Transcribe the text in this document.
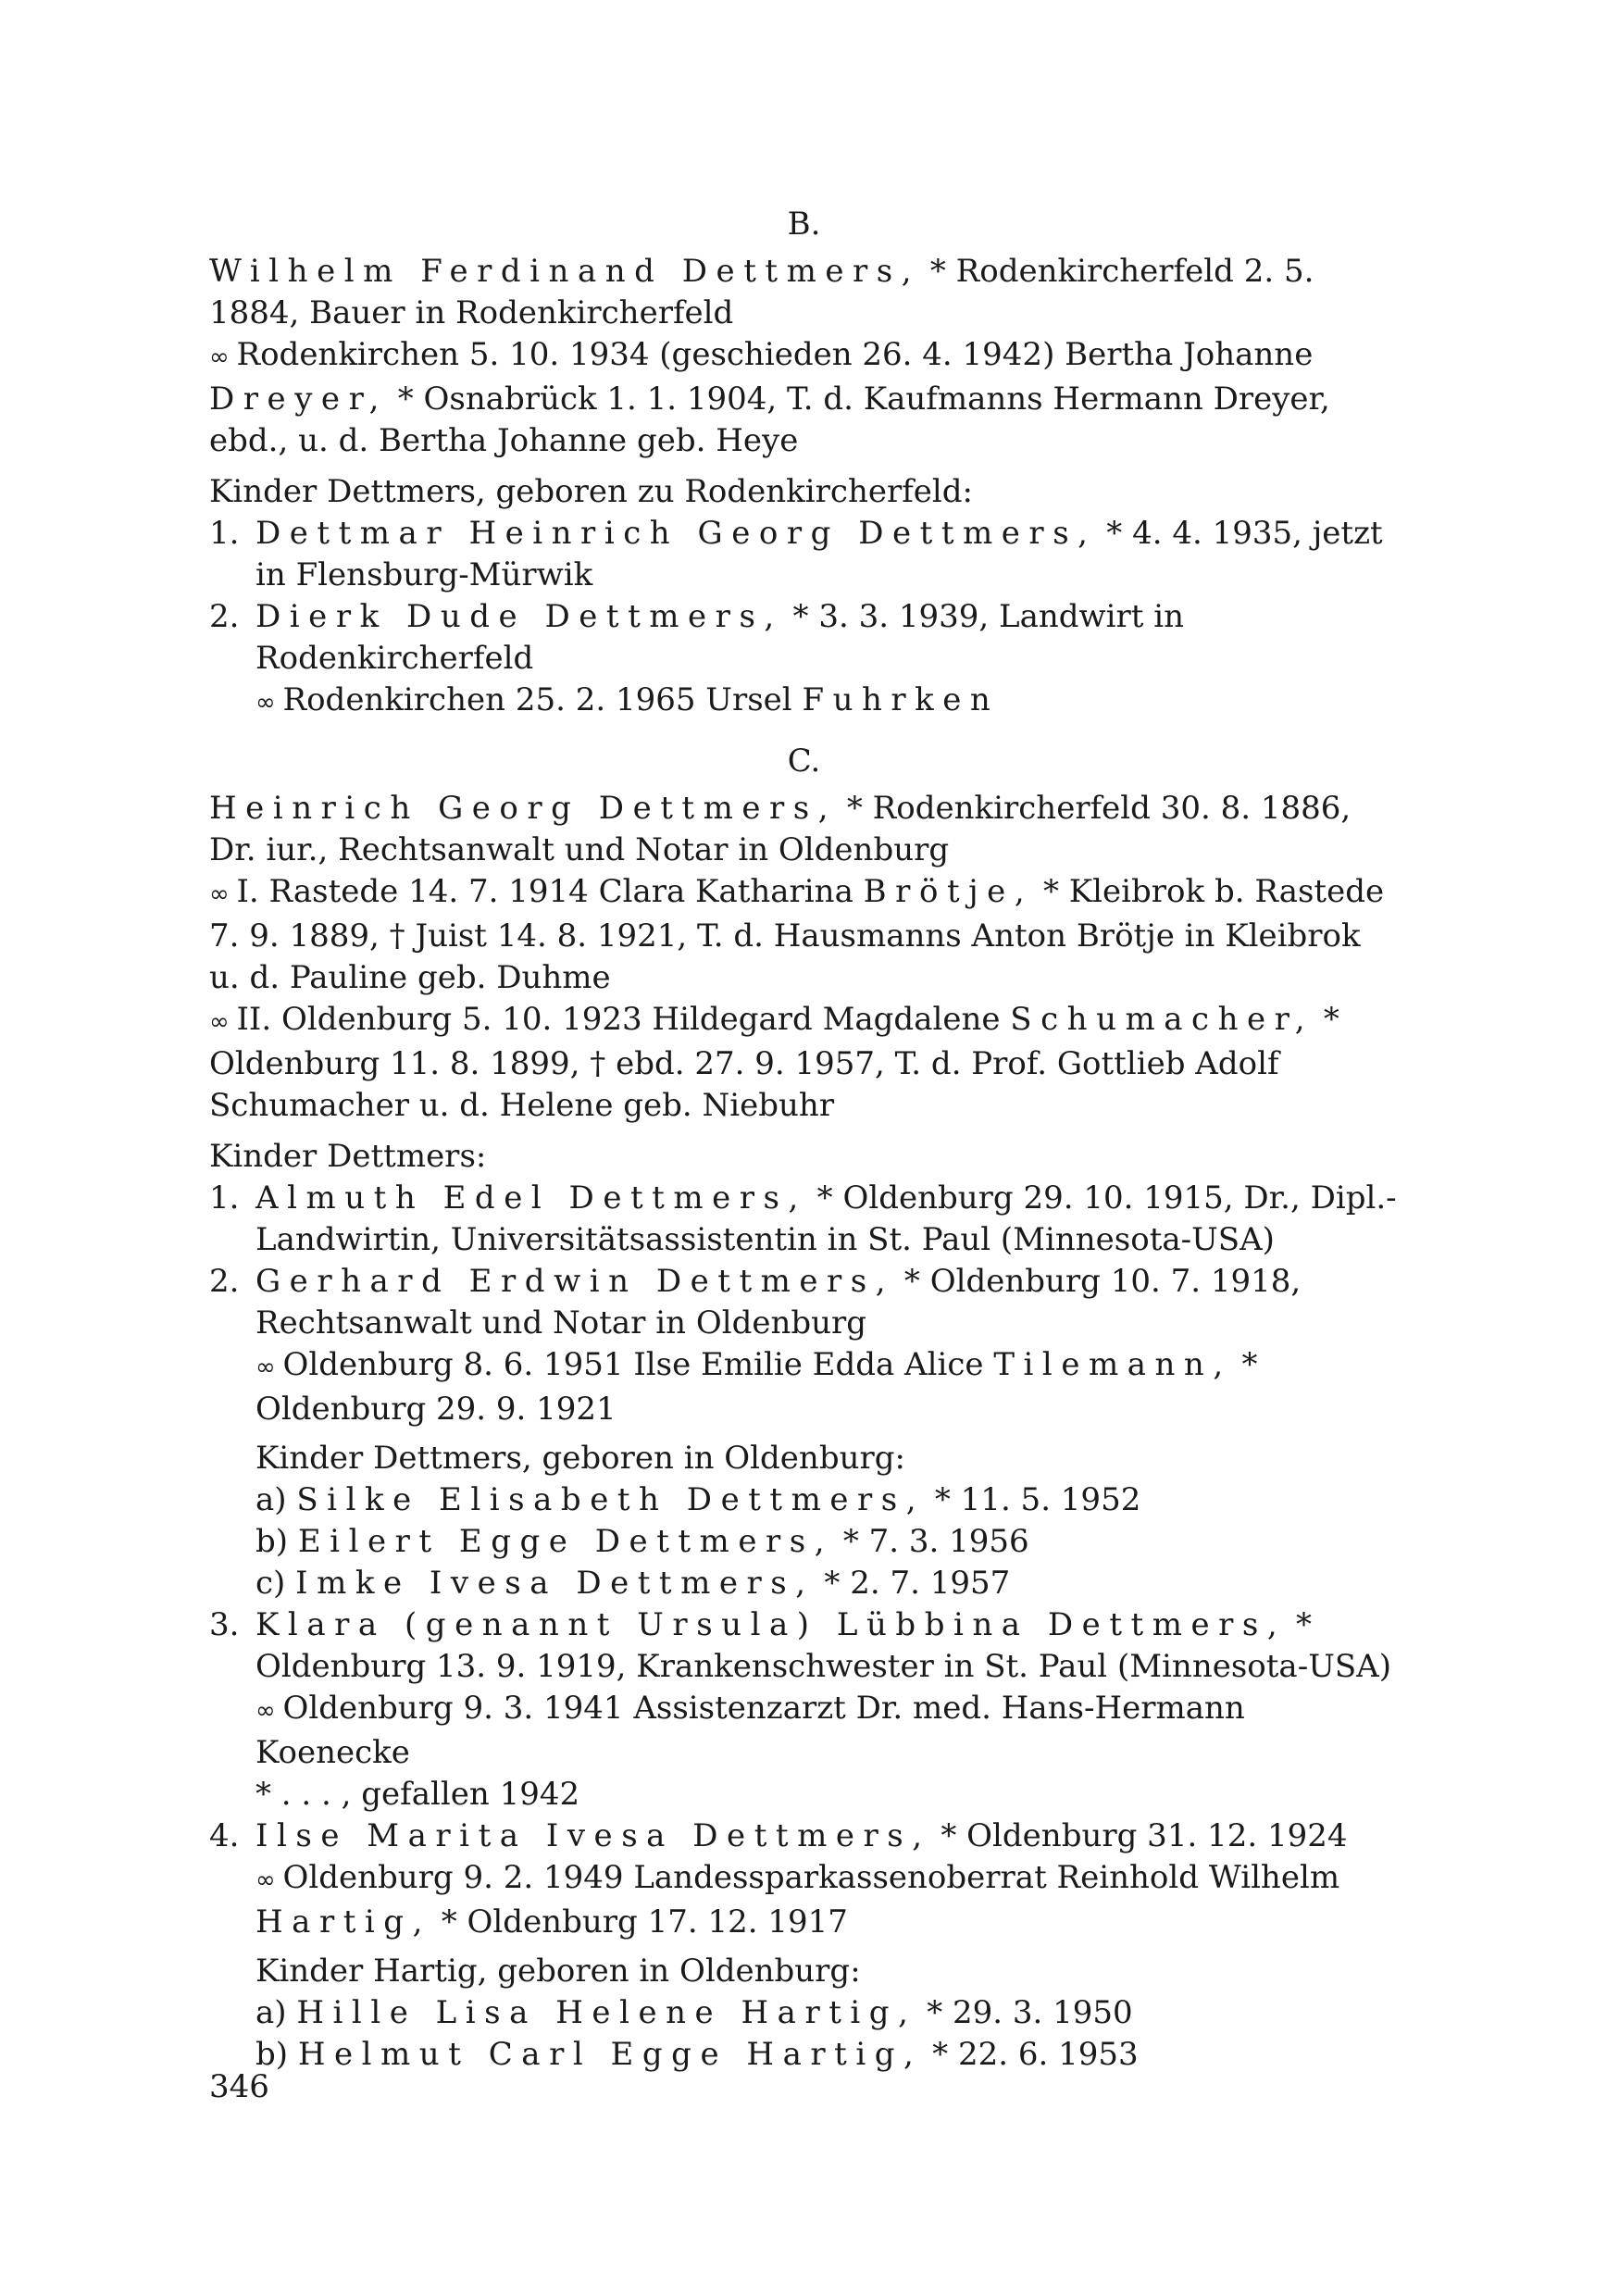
B.

Wilhelm Ferdinand Dettmers, * Rodenkircherfeld 2. 5. 1884, Bauer in Rodenkircherfeld

∞ Rodenkirchen 5. 10. 1934 (geschieden 26. 4. 1942) Bertha Johanne Dreyer, * Osnabrück 1. 1. 1904, T. d. Kaufmanns Hermann Dreyer, ebd., u. d. Bertha Johanne geb. Heye

Kinder Dettmers, geboren zu Rodenkircherfeld:

1. Dettmar Heinrich Georg Dettmers, * 4. 4. 1935, jetzt in Flensburg-Mürwik
2. Dierk Dude Dettmers, * 3. 3. 1939, Landwirt in Rodenkircherfeld
∞ Rodenkirchen 25. 2. 1965 Ursel Fuhrken

C.

Heinrich Georg Dettmers, * Rodenkircherfeld 30. 8. 1886, Dr. iur., Rechtsanwalt und Notar in Oldenburg

∞ I. Rastede 14. 7. 1914 Clara Katharina Brötje, * Kleibrok b. Rastede 7. 9. 1889, † Juist 14. 8. 1921, T. d. Hausmanns Anton Brötje in Kleibrok u. d. Pauline geb. Duhme

∞ II. Oldenburg 5. 10. 1923 Hildegard Magdalene Schumacher, * Oldenburg 11. 8. 1899, † ebd. 27. 9. 1957, T. d. Prof. Gottlieb Adolf Schumacher u. d. Helene geb. Niebuhr

Kinder Dettmers:

1. Almuth Edel Dettmers, * Oldenburg 29. 10. 1915, Dr., Dipl.-Landwirtin, Universitätsassistentin in St. Paul (Minnesota-USA)
2. Gerhard Erdwin Dettmers, * Oldenburg 10. 7. 1918, Rechtsanwalt und Notar in Oldenburg
∞ Oldenburg 8. 6. 1951 Ilse Emilie Edda Alice Tilemann, * Oldenburg 29. 9. 1921

Kinder Dettmers, geboren in Oldenburg:

a) Silke Elisabeth Dettmers, * 11. 5. 1952
b) Eilert Egge Dettmers, * 7. 3. 1956
c) Imke Ivesa Dettmers, * 2. 7. 1957
3. Klara (genannt Ursula) Lübbina Dettmers, * Oldenburg 13. 9. 1919, Krankenschwester in St. Paul (Minnesota-USA)
∞ Oldenburg 9. 3. 1941 Assistenzarzt Dr. med. Hans-Hermann Koenecke
* . . . , gefallen 1942
4. Ilse Marita Ivesa Dettmers, * Oldenburg 31. 12. 1924
∞ Oldenburg 9. 2. 1949 Landessparkassenoberrat Reinhold Wilhelm Hartig, * Oldenburg 17. 12. 1917

Kinder Hartig, geboren in Oldenburg:

a) Hille Lisa Helene Hartig, * 29. 3. 1950
b) Helmut Carl Egge Hartig, * 22. 6. 1953
346
